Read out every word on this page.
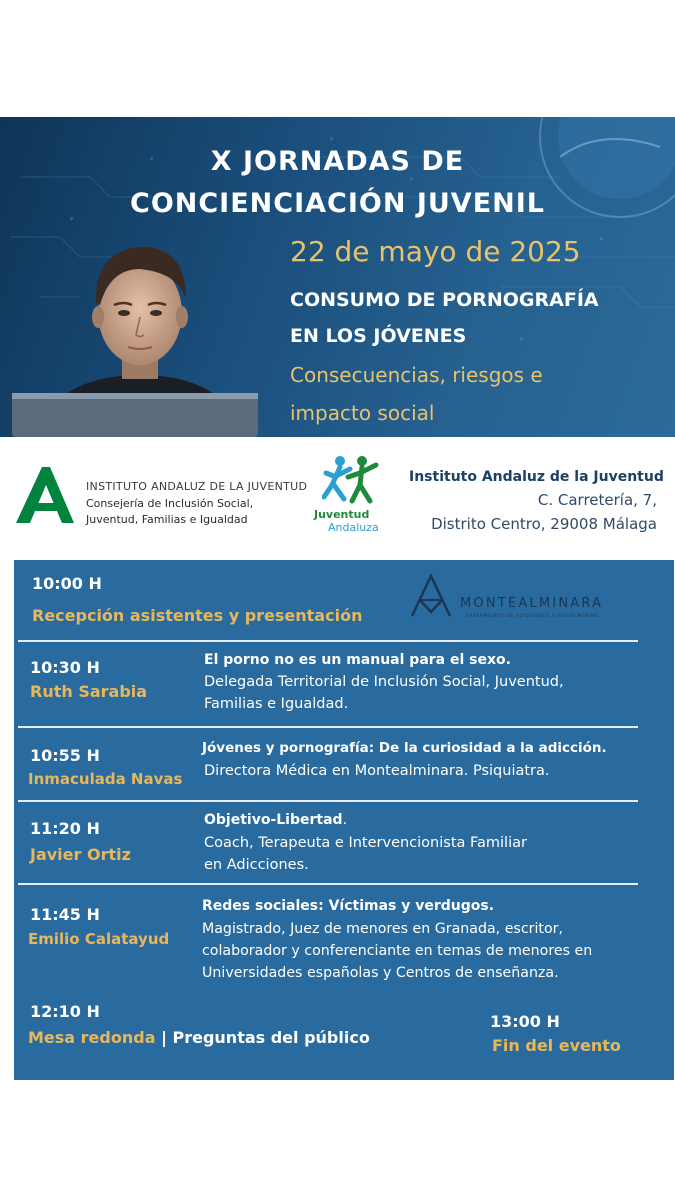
X JORNADAS DE
CONCIENCIACIÓN JUVENIL
22 de mayo de 2025
CONSUMO DE PORNOGRAFÍA
EN LOS JÓVENES
Consecuencias, riesgos e
impacto social
INSTITUTO ANDALUZ DE LA JUVENTUD
Consejería de Inclusión Social,
Juventud, Familias e Igualdad	Juventud
Andaluza
Instituto Andaluz de la Juventud
C. Carretería, 7,
Distrito Centro, 29008 Málaga
10:00 H
Recepción asistentes y presentación
MONTEALMINARA
TRATAMIENTO DE ADICCIONES Y SALUD MENTAL
10:30 H
Ruth Sarabia
El porno no es un manual para el sexo.
Delegada Territorial de Inclusión Social, Juventud,
Familias e Igualdad.
10:55 H
Inmaculada Navas
Jóvenes y pornografía: De la curiosidad a la adicción.
Directora Médica en Montealminara. Psiquiatra.
11:20 H
Javier Ortiz
Objetivo-Libertad.
Coach, Terapeuta e Intervencionista Familiar
en Adicciones.
11:45 H
Emilio Calatayud
Redes sociales: Víctimas y verdugos.
Magistrado, Juez de menores en Granada, escritor,
colaborador y conferenciante en temas de menores en
Universidades españolas y Centros de enseñanza.
12:10 H
Mesa redonda | Preguntas del público
13:00 H
Fin del evento
